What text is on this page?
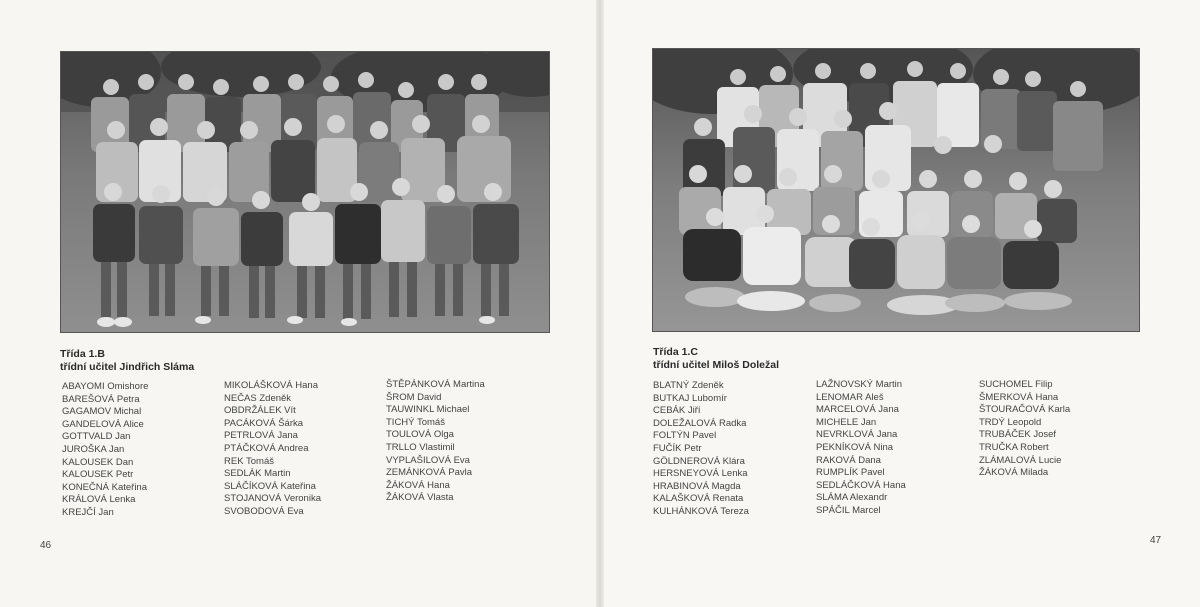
Třída 1.B
třídní učitel Jindřich Sláma
ABAYOMI Omishore
BAREŠOVÁ Petra
GAGAMOV Michal
GANDELOVÁ Alice
GOTTVALD Jan
JUROŠKA Jan
KALOUSEK Dan
KALOUSEK Petr
KONEČNÁ Kateřina
KRÁLOVÁ Lenka
KREJČÍ Jan
MIKOLÁŠKOVÁ Hana
NEČAS Zdeněk
OBDRŽÁLEK Vít
PACÁKOVÁ Šárka
PETRLOVÁ Jana
PTÁČKOVÁ Andrea
REK Tomáš
SEDLÁK Martin
SLÁČÍKOVÁ Kateřina
STOJANOVÁ Veronika
SVOBODOVÁ Eva
ŠTĚPÁNKOVÁ Martina
ŠROM David
TAUWINKL Michael
TICHÝ Tomáš
TOULOVÁ Olga
TRLLO Vlastimil
VYPLAŠILOVÁ Eva
ZEMÁNKOVÁ Pavla
ŽÁKOVÁ Hana
ŽÁKOVÁ Vlasta
46
Třída 1.C
třídní učitel Miloš Doležal
BLATNÝ Zdeněk
BUTKAJ Lubomír
CEBÁK Jiří
DOLEŽALOVÁ Radka
FOLTÝN Pavel
FUČÍK Petr
GÖLDNEROVÁ Klára
HERSNEYOVÁ Lenka
HRABINOVÁ Magda
KALAŠKOVÁ Renata
KULHÁNKOVÁ Tereza
LAŽNOVSKÝ Martin
LENOMAR Aleš
MARCELOVÁ Jana
MICHELE Jan
NEVRKLOVÁ Jana
PEKNÍKOVÁ Nina
RAKOVÁ Dana
RUMPLÍK Pavel
SEDLÁČKOVÁ Hana
SLÁMA Alexandr
SPÁČIL Marcel
SUCHOMEL Filip
ŠMERKOVÁ Hana
ŠTOURAČOVÁ Karla
TRDÝ Leopold
TRUBÁČEK Josef
TRUČKA Robert
ZLÁMALOVÁ Lucie
ŽÁKOVÁ Milada
47
